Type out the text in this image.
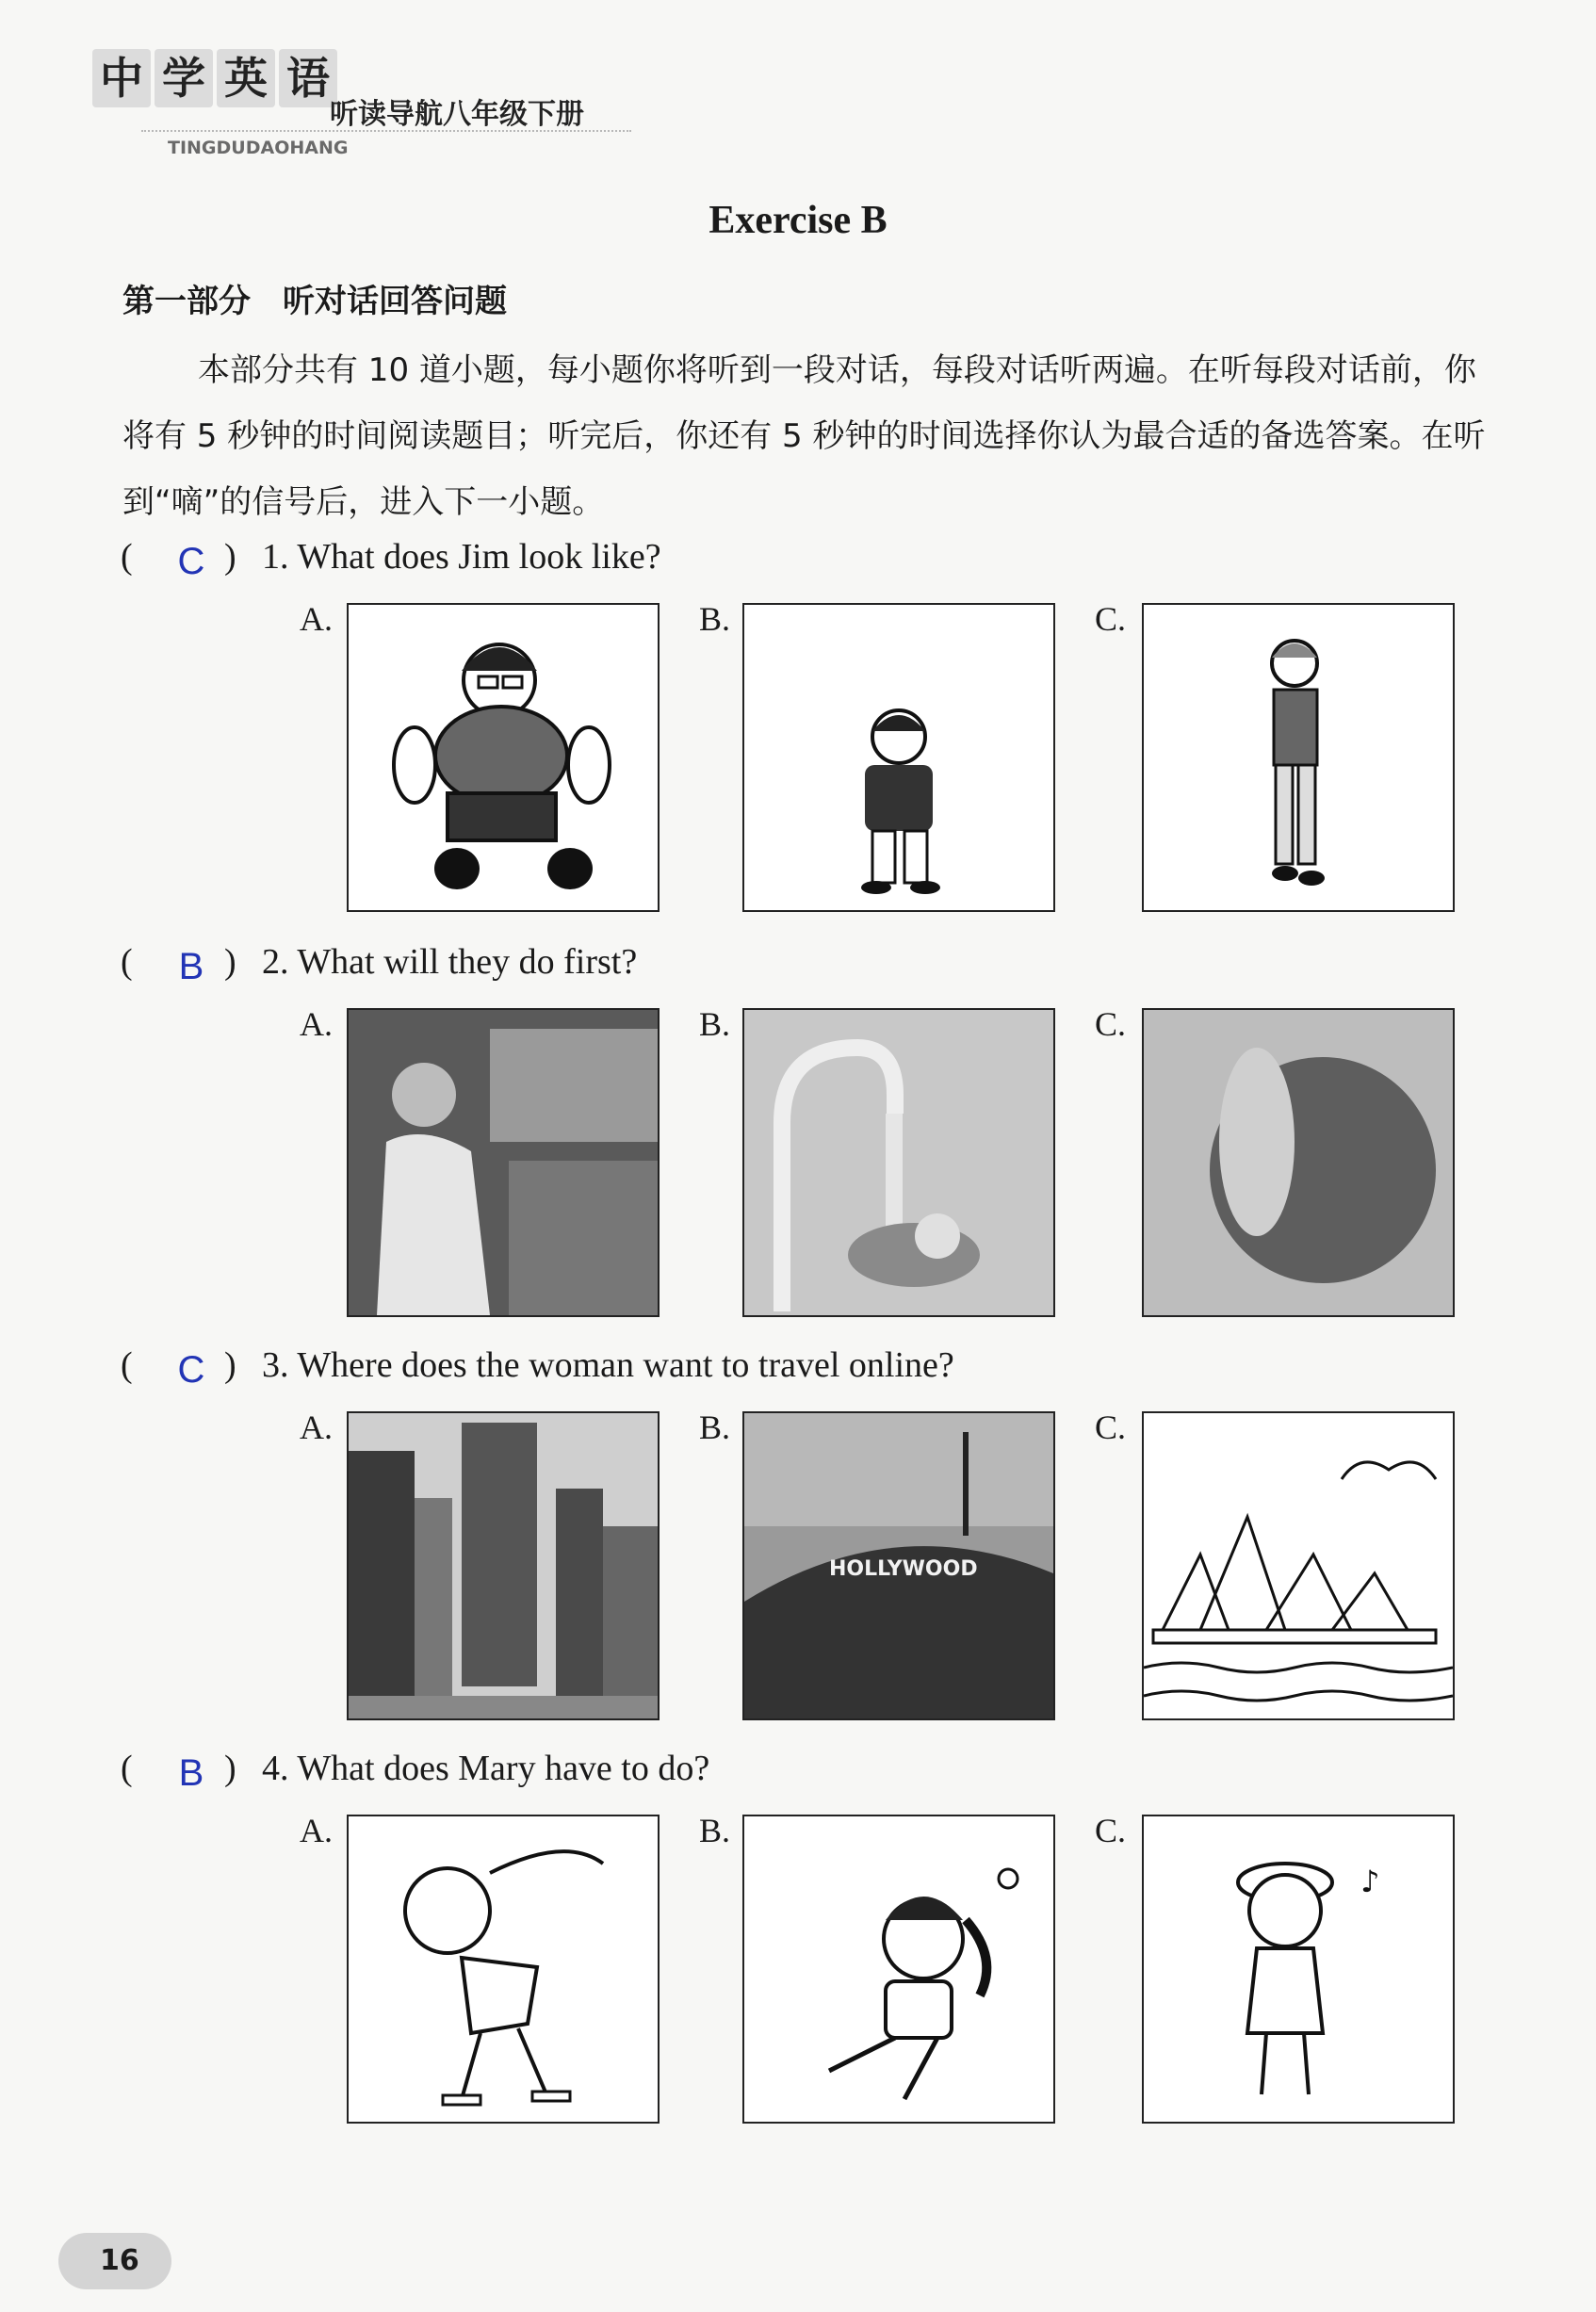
中 学 英 语
听读导航八年级下册
TINGDUDAOHANG
Exercise B
第一部分　听对话回答问题
本部分共有 10 道小题，每小题你将听到一段对话，每段对话听两遍。在听每段对话前，你将有 5 秒钟的时间阅读题目；听完后，你还有 5 秒钟的时间选择你认为最合适的备选答案。在听到“嘀”的信号后，进入下一小题。
( C ) 1. What does Jim look like?
A.	B.	C.
( B ) 2. What will they do first?
A.	B.	C.
( C ) 3. Where does the woman want to travel online?
A.	B.
HOLLYWOOD
C.
( B ) 4. What does Mary have to do?
A.	B.	C.
♪
16
